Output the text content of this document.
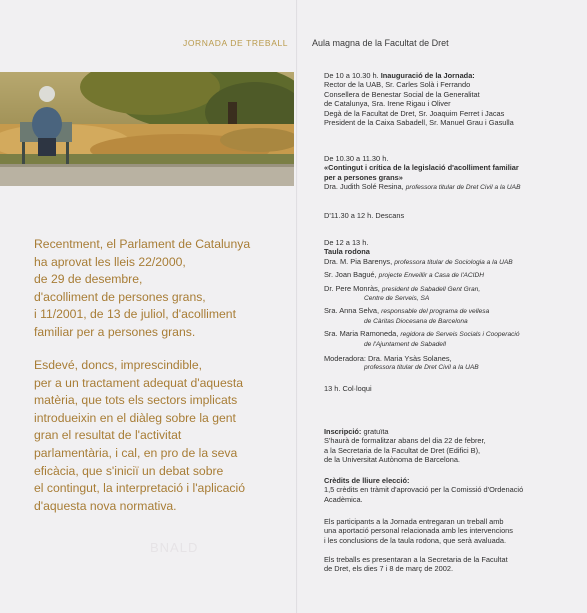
JORNADA DE TREBALL	Aula magna de la Facultat de Dret
Recentment, el Parlament de Catalunya
ha aprovat les lleis 22/2000,
de 29 de desembre,
d'acolliment de persones grans,
i 11/2001, de 13 de juliol, d'acolliment
familiar per a persones grans.
Esdevé, doncs, imprescindible,
per a un tractament adequat d'aquesta
matèria, que tots els sectors implicats
introdueixin en el diàleg sobre la gent
gran el resultat de l'activitat
parlamentària, i cal, en pro de la seva
eficàcia, que s'iniciï un debat sobre
el contingut, la interpretació i l'aplicació
d'aquesta nova normativa.
BNALD
De 10 a 10.30 h. Inauguració de la Jornada:
Rector de la UAB, Sr. Carles Solà i Ferrando
Consellera de Benestar Social de la Generalitat
de Catalunya, Sra. Irene Rigau i Oliver
Degà de la Facultat de Dret, Sr. Joaquim Ferret i Jacas
President de la Caixa Sabadell, Sr. Manuel Grau i Gasulla
De 10.30 a 11.30 h.
«Contingut i crítica de la legislació d'acolliment familiar
per a persones grans»
Dra. Judith Solé Resina, professora titular de Dret Civil a la UAB
D'11.30 a 12 h. Descans
De 12 a 13 h.
Taula rodona
Dra. M. Pia Barenys, professora titular de Sociologia a la UAB
Sr. Joan Bagué, projecte Enveillir a Casa de l'ACIDH
Dr. Pere Monràs, president de Sabadell Gent Gran,
Centre de Serveis, SA
Sra. Anna Selva, responsable del programa de vellesa
de Càritas Diocesana de Barcelona
Sra. Maria Ramoneda, regidora de Serveis Socials i Cooperació
de l'Ajuntament de Sabadell
Moderadora: Dra. Maria Ysàs Solanes,
professora titular de Dret Civil a la UAB
13 h. Col·loqui
Inscripció: gratuïta
S'haurà de formalitzar abans del dia 22 de febrer,
a la Secretaria de la Facultat de Dret (Edifici B),
de la Universitat Autònoma de Barcelona.
Crèdits de lliure elecció:
1,5 crèdits en tràmit d'aprovació per la Comissió d'Ordenació
Acadèmica.
Els participants a la Jornada entregaran un treball amb
una aportació personal relacionada amb les intervencions
i les conclusions de la taula rodona, que serà avaluada.
Els treballs es presentaran a la Secretaria de la Facultat
de Dret, els dies 7 i 8 de març de 2002.
